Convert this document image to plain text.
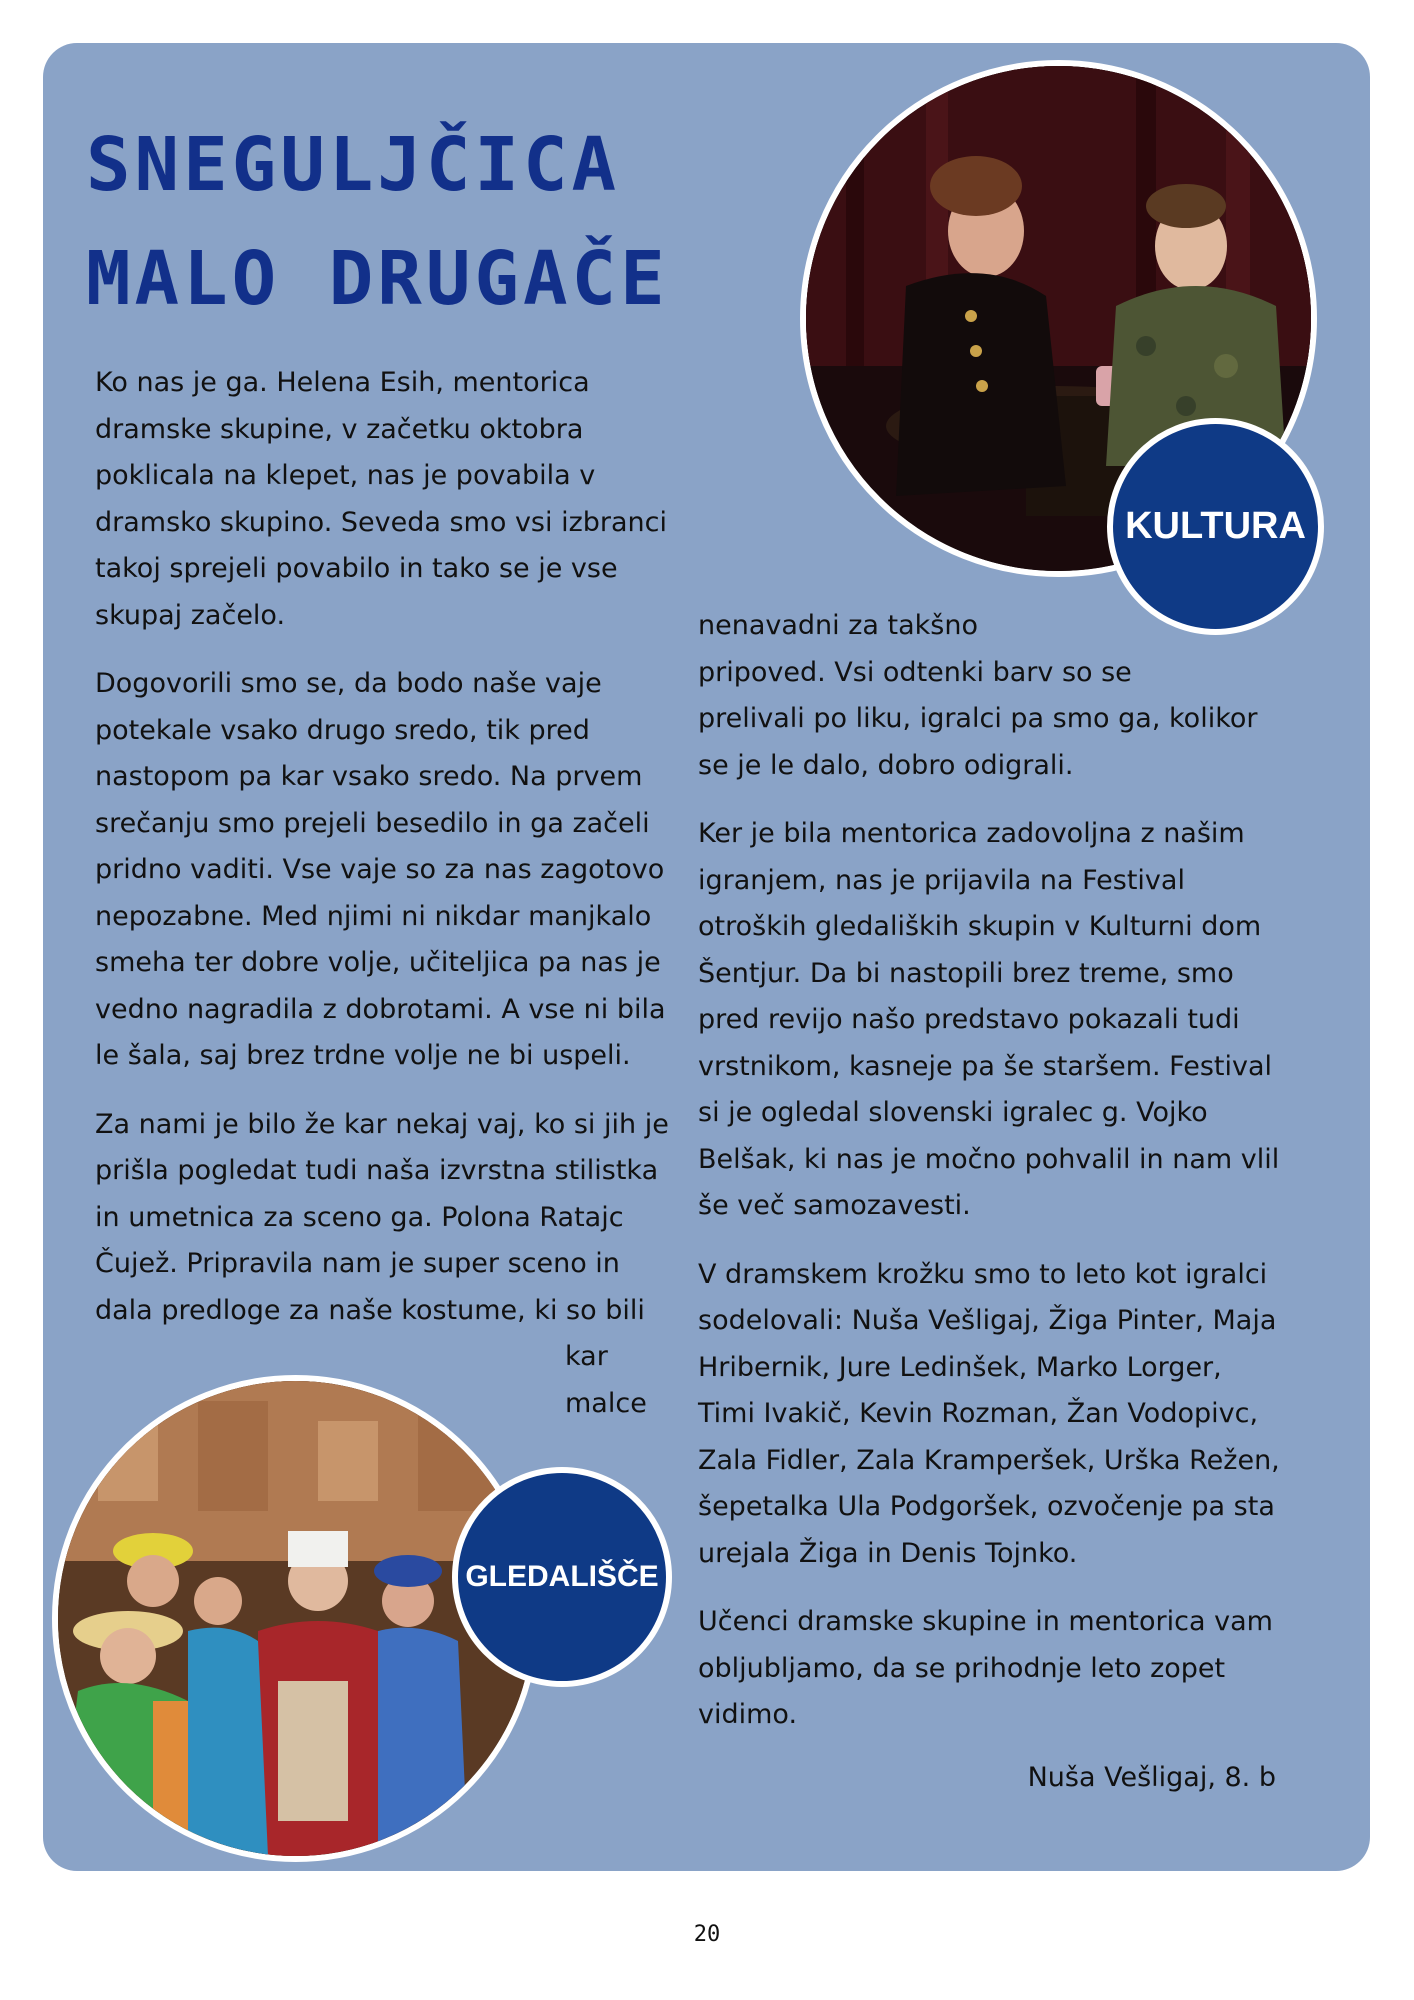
SNEGULJČICA
MALO DRUGAČE
KULTURA

Ko nas je ga. Helena Esih, mentorica
dramske skupine, v začetku oktobra
poklicala na klepet, nas je povabila v
dramsko skupino. Seveda smo vsi izbranci
takoj sprejeli povabilo in tako se je vse
skupaj začelo.

Dogovorili smo se, da bodo naše vaje
potekale vsako drugo sredo, tik pred
nastopom pa kar vsako sredo. Na prvem
srečanju smo prejeli besedilo in ga začeli
pridno vaditi. Vse vaje so za nas zagotovo
nepozabne. Med njimi ni nikdar manjkalo
smeha ter dobre volje, učiteljica pa nas je
vedno nagradila z dobrotami. A vse ni bila
le šala, saj brez trdne volje ne bi uspeli.

Za nami je bilo že kar nekaj vaj, ko si jih je
prišla pogledat tudi naša izvrstna stilistka
in umetnica za sceno ga. Polona Ratajc
Čujež. Pripravila nam je super sceno in
dala predloge za naše kostume, ki so bili

kar
malce
GLEDALIŠČE

nenavadni za takšno
pripoved. Vsi odtenki barv so se
prelivali po liku, igralci pa smo ga, kolikor
se je le dalo, dobro odigrali.

Ker je bila mentorica zadovoljna z našim
igranjem, nas je prijavila na Festival
otroških gledaliških skupin v Kulturni dom
Šentjur. Da bi nastopili brez treme, smo
pred revijo našo predstavo pokazali tudi
vrstnikom, kasneje pa še staršem. Festival
si je ogledal slovenski igralec g. Vojko
Belšak, ki nas je močno pohvalil in nam vlil
še več samozavesti.

V dramskem krožku smo to leto kot igralci
sodelovali: Nuša Vešligaj, Žiga Pinter, Maja
Hribernik, Jure Ledinšek, Marko Lorger,
Timi Ivakič, Kevin Rozman, Žan Vodopivc,
Zala Fidler, Zala Kramperšek, Urška Režen,
šepetalka Ula Podgoršek, ozvočenje pa sta
urejala Žiga in Denis Tojnko.

Učenci dramske skupine in mentorica vam
obljubljamo, da se prihodnje leto zopet
vidimo.

Nuša Vešligaj, 8. b
20
